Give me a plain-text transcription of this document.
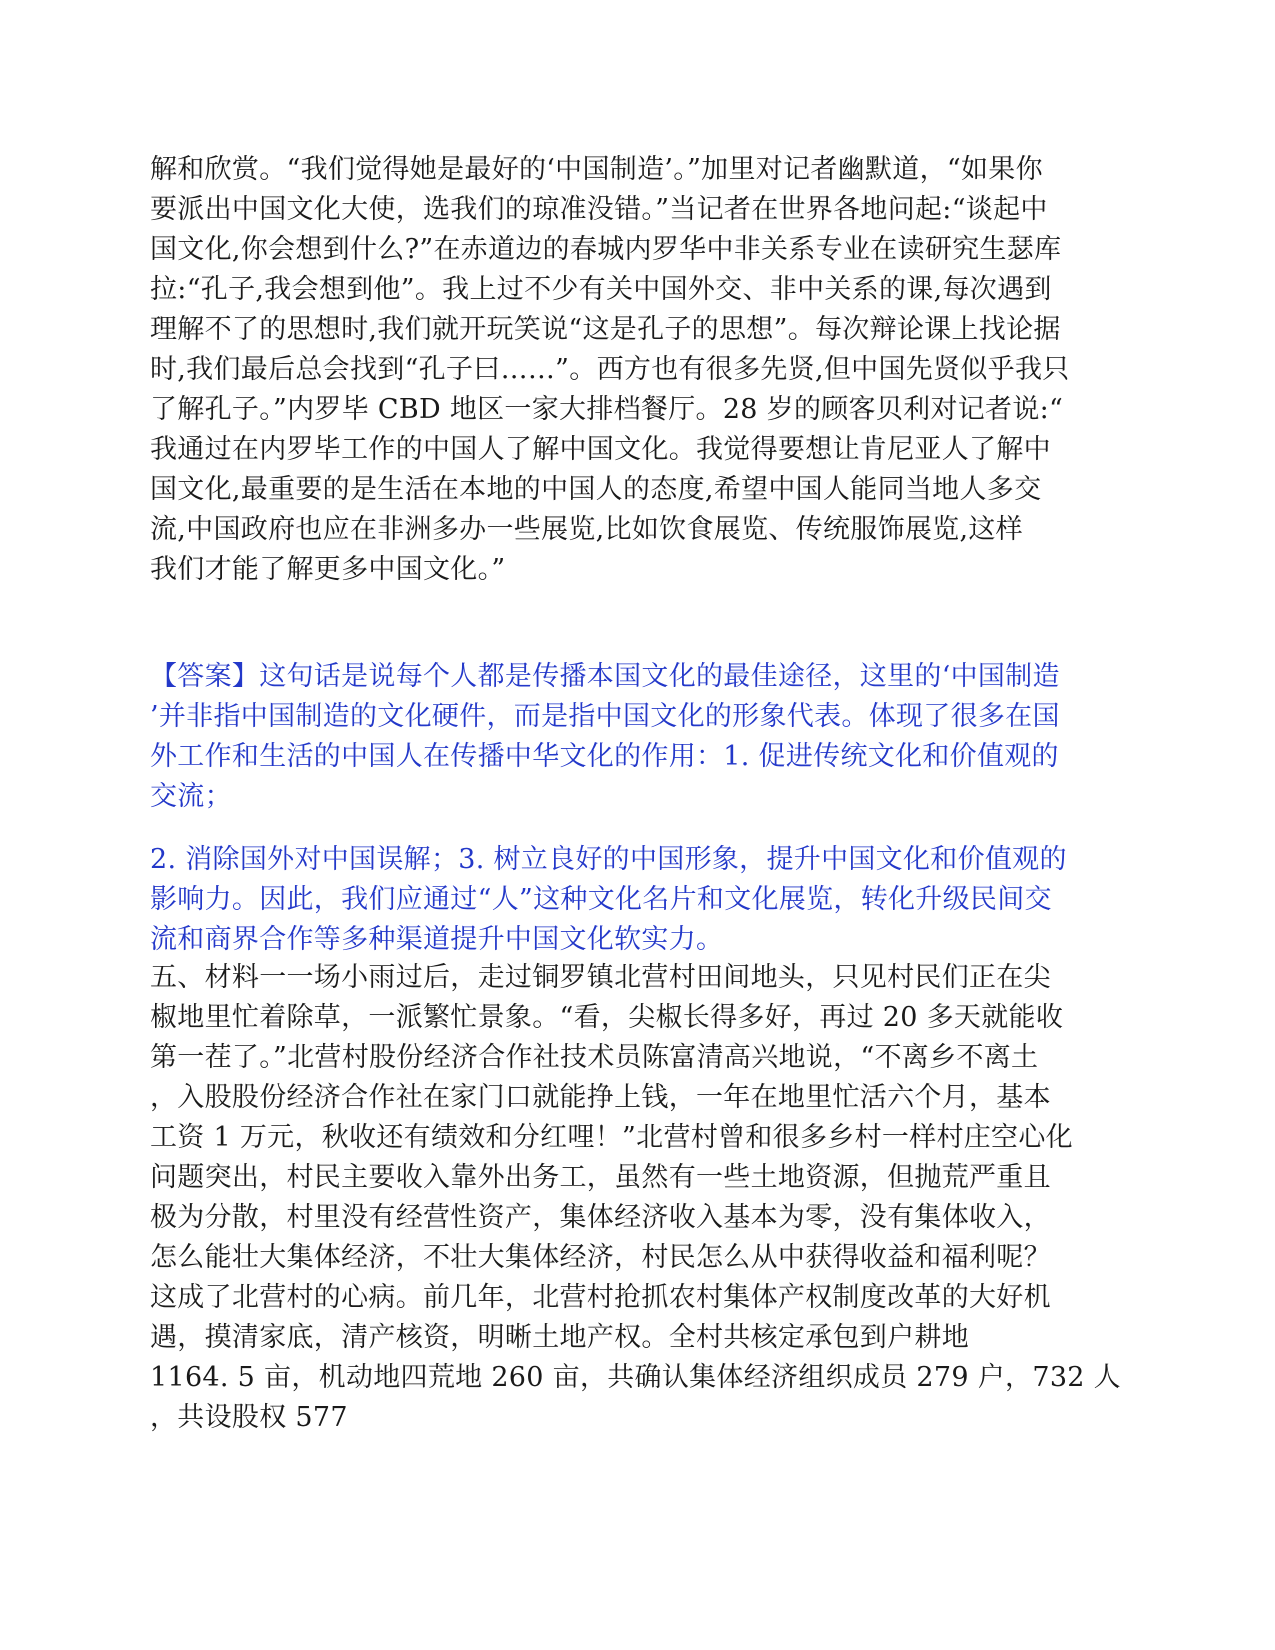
解和欣赏。“我们觉得她是最好的‘中国制造’。”加里对记者幽默道，“如果你
要派出中国文化大使，选我们的琼准没错。”当记者在世界各地问起:“谈起中
国文化,你会想到什么?”在赤道边的春城内罗华中非关系专业在读研究生瑟库
拉:“孔子,我会想到他”。我上过不少有关中国外交、非中关系的课,每次遇到
理解不了的思想时,我们就开玩笑说“这是孔子的思想”。每次辩论课上找论据
时,我们最后总会找到“孔子曰……”。西方也有很多先贤,但中国先贤似乎我只
了解孔子。”内罗毕 CBD 地区一家大排档餐厅。28 岁的顾客贝利对记者说:“
我通过在内罗毕工作的中国人了解中国文化。我觉得要想让肯尼亚人了解中
国文化,最重要的是生活在本地的中国人的态度,希望中国人能同当地人多交
流,中国政府也应在非洲多办一些展览,比如饮食展览、传统服饰展览,这样
我们才能了解更多中国文化。”
【答案】这句话是说每个人都是传播本国文化的最佳途径，这里的‘中国制造
’并非指中国制造的文化硬件，而是指中国文化的形象代表。体现了很多在国
外工作和生活的中国人在传播中华文化的作用：1. 促进传统文化和价值观的
交流；
2. 消除国外对中国误解；3. 树立良好的中国形象，提升中国文化和价值观的
影响力。因此，我们应通过“人”这种文化名片和文化展览，转化升级民间交
流和商界合作等多种渠道提升中国文化软实力。
五、材料一一场小雨过后，走过铜罗镇北营村田间地头，只见村民们正在尖
椒地里忙着除草，一派繁忙景象。“看，尖椒长得多好，再过 20 多天就能收
第一茬了。”北营村股份经济合作社技术员陈富清高兴地说，“不离乡不离土
，入股股份经济合作社在家门口就能挣上钱，一年在地里忙活六个月，基本
工资 1 万元，秋收还有绩效和分红哩！”北营村曾和很多乡村一样村庄空心化
问题突出，村民主要收入靠外出务工，虽然有一些土地资源，但抛荒严重且
极为分散，村里没有经营性资产，集体经济收入基本为零，没有集体收入，
怎么能壮大集体经济，不壮大集体经济，村民怎么从中获得收益和福利呢？
这成了北营村的心病。前几年，北营村抢抓农村集体产权制度改革的大好机
遇，摸清家底，清产核资，明晰土地产权。全村共核定承包到户耕地
1164. 5 亩，机动地四荒地 260 亩，共确认集体经济组织成员 279 户，732 人
，共设股权 577
